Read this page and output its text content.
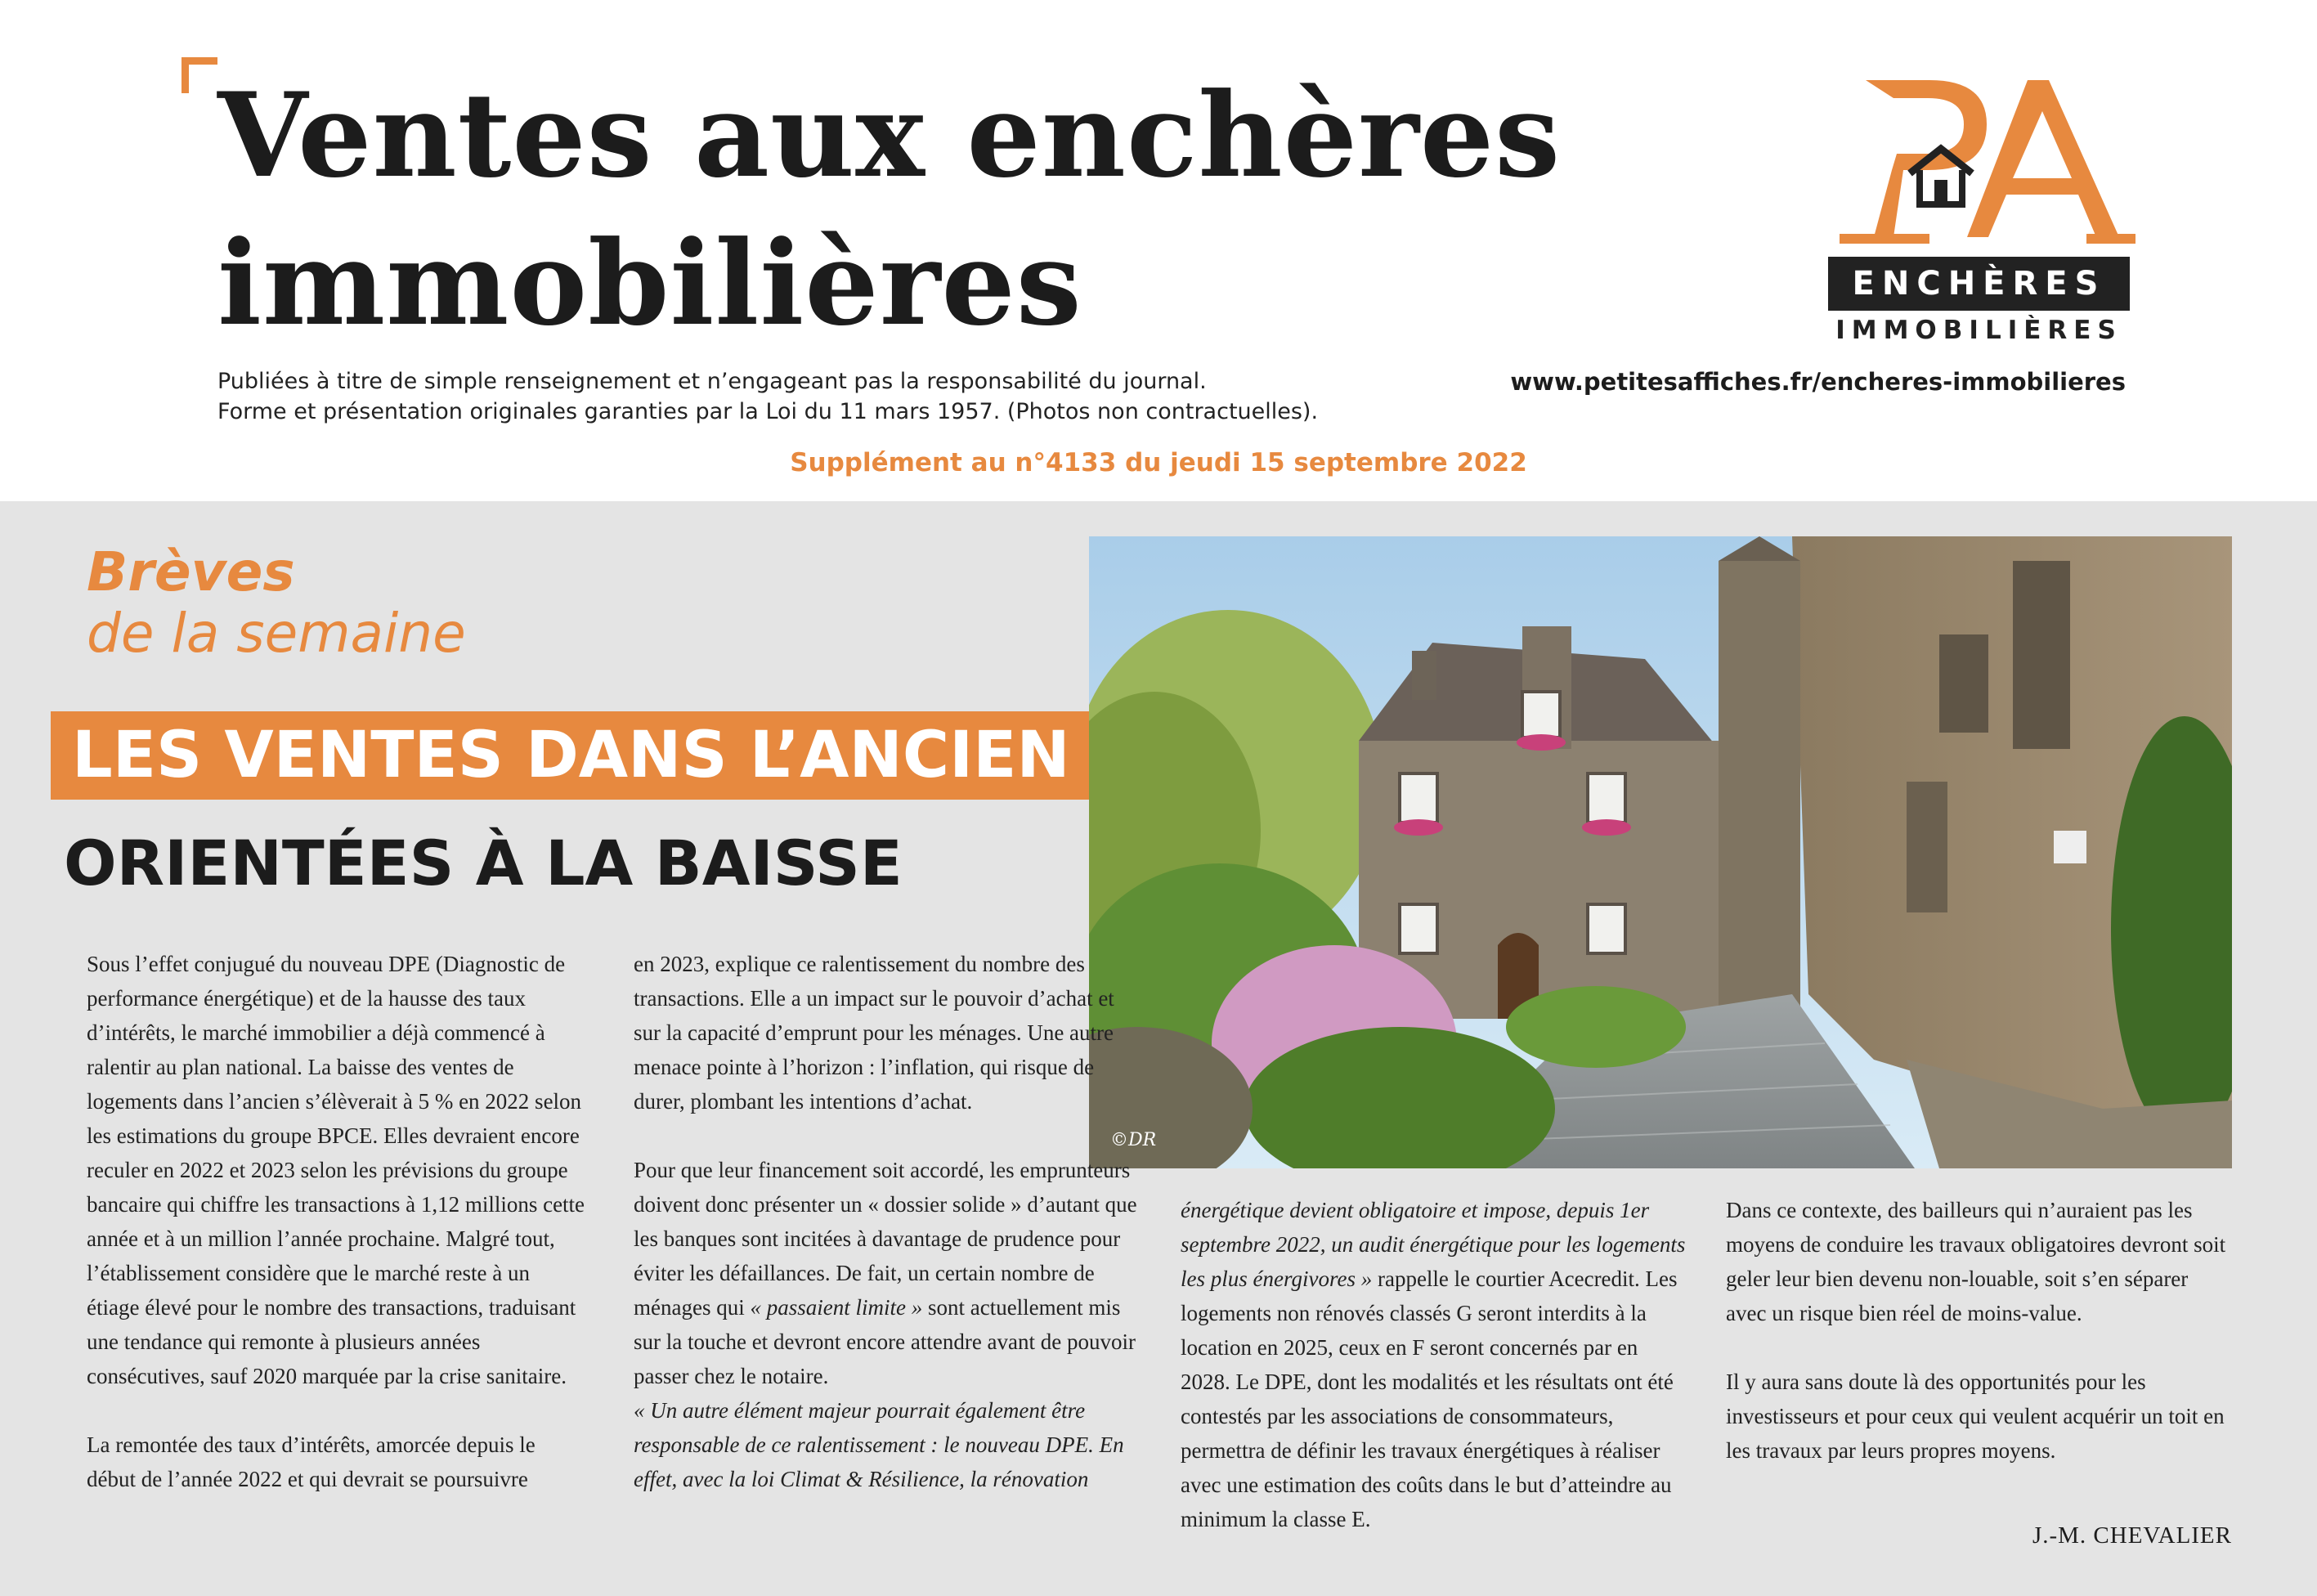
Ventes aux enchères
immobilières

Publiées à titre de simple renseignement et n’engageant pas la responsabilité du journal.
Forme et présentation originales garanties par la Loi du 11 mars 1957. (Photos non contractuelles).

www.petitesaffiches.fr/encheres-immobilieres

Supplément au n°4133 du jeudi 15 septembre 2022

ENCHÈRES
IMMOBILIÈRES

Brèves

de la semaine

LES VENTES DANS L’ANCIEN
ORIENTÉES À LA BAISSE
©DR

Sous l’effet conjugué du nouveau DPE (Diagnostic de performance énergétique) et de la hausse des taux d’intérêts, le marché immobilier a déjà commencé à ralentir au plan national. La baisse des ventes de logements dans l’ancien s’élèverait à 5 % en 2022 selon les estimations du groupe BPCE. Elles devraient encore reculer en 2022 et 2023 selon les prévisions du groupe bancaire qui chiffre les transactions à 1,12 millions cette année et à un million l’année prochaine. Malgré tout, l’établissement considère que le marché reste à un étiage élevé pour le nombre des transactions, traduisant une tendance qui remonte à plusieurs années consécutives, sauf 2020 marquée par la crise sanitaire.

La remontée des taux d’intérêts, amorcée depuis le début de l’année 2022 et qui devrait se poursuivre

en 2023, explique ce ralentissement du nombre des transactions. Elle a un impact sur le pouvoir d’achat et sur la capacité d’emprunt pour les ménages. Une autre menace pointe à l’horizon : l’inflation, qui risque de durer, plombant les intentions d’achat.

Pour que leur financement soit accordé, les emprunteurs doivent donc présenter un « dossier solide » d’autant que les banques sont incitées à davantage de prudence pour éviter les défaillances. De fait, un certain nombre de ménages qui « passaient limite » sont actuellement mis sur la touche et devront encore attendre avant de pouvoir passer chez le notaire.

« Un autre élément majeur pourrait également être responsable de ce ralentissement : le nouveau DPE. En effet, avec la loi Climat & Résilience, la rénovation

énergétique devient obligatoire et impose, depuis 1er septembre 2022, un audit énergétique pour les logements les plus énergivores » rappelle le courtier Acecredit. Les logements non rénovés classés G seront interdits à la location en 2025, ceux en F seront concernés par en 2028. Le DPE, dont les modalités et les résultats ont été contestés par les associations de consommateurs, permettra de définir les travaux énergétiques à réaliser avec une estimation des coûts dans le but d’atteindre au minimum la classe E.

Dans ce contexte, des bailleurs qui n’auraient pas les moyens de conduire les travaux obligatoires devront soit geler leur bien devenu non-louable, soit s’en séparer avec un risque bien réel de moins-value.

Il y aura sans doute là des opportunités pour les investisseurs et pour ceux qui veulent acquérir un toit en les travaux par leurs propres moyens.

J.-M. CHEVALIER
